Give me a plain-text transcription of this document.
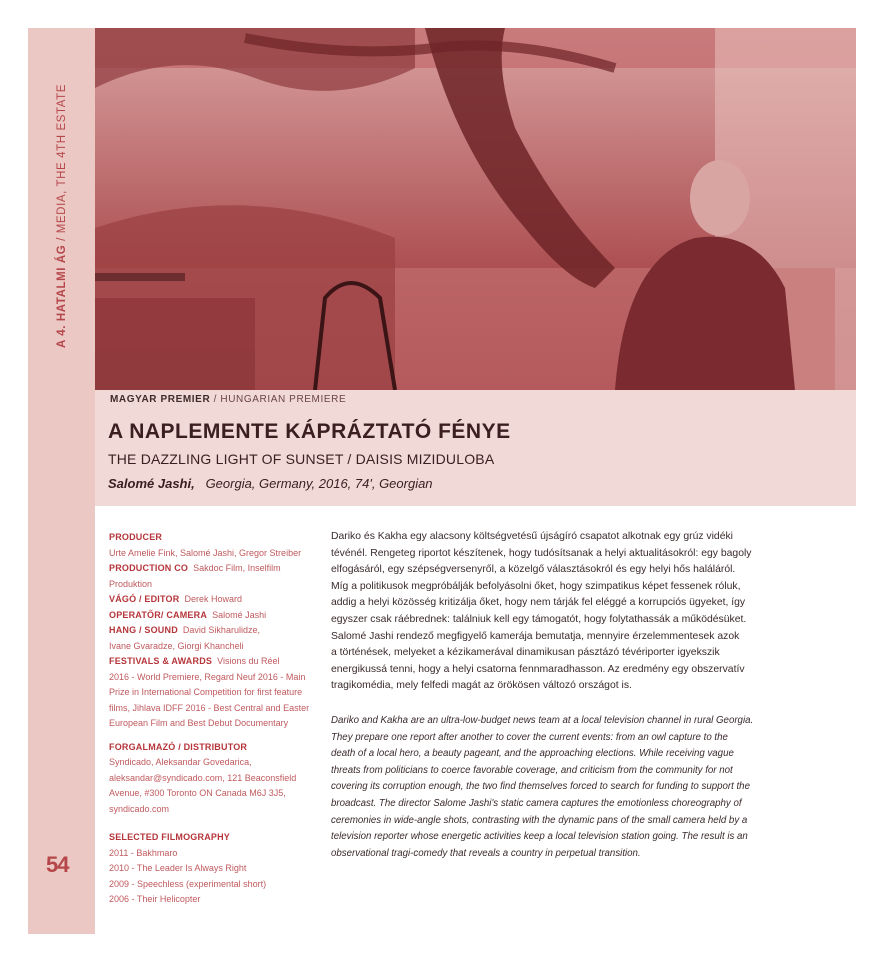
A 4. HATALMI ÁG / MEDIA, THE 4TH ESTATE
54
MAGYAR PREMIER / HUNGARIAN PREMIERE
A NAPLEMENTE KÁPRÁZTATÓ FÉNYE
THE DAZZLING LIGHT OF SUNSET / DAISIS MIZIDULOBA
Salomé Jashi, Georgia, Germany, 2016, 74', Georgian
PRODUCER
Urte Amelie Fink, Salomé Jashi, Gregor Streiber
PRODUCTION CO Sakdoc Film, Inselfilm Produktion
VÁGÓ / EDITOR Derek Howard
OPERATŐR/ CAMERA Salomé Jashi
HANG / SOUND David Sikharulidze,
Ivane Gvaradze, Giorgi Khancheli
FESTIVALS & AWARDS Visions du Réel
2016 - World Premiere, Regard Neuf 2016 - Main
Prize in International Competition for first feature
films, Jihlava IDFF 2016 - Best Central and Easter
European Film and Best Debut Documentary
FORGALMAZÓ / DISTRIBUTOR
Syndicado, Aleksandar Govedarica,
aleksandar@syndicado.com, 121 Beaconsfield
Avenue, #300 Toronto ON Canada M6J 3J5,
syndicado.com
SELECTED FILMOGRAPHY
2011 - Bakhmaro
2010 - The Leader Is Always Right
2009 - Speechless (experimental short)
2006 - Their Helicopter
Dariko és Kakha egy alacsony költségvetésű újságíró csapatot alkotnak egy grúz vidéki
tévénél. Rengeteg riportot készítenek, hogy tudósítsanak a helyi aktualitásokról: egy bagoly
elfogásáról, egy szépségversenyről, a közelgő választásokról és egy helyi hős haláláról.
Míg a politikusok megpróbálják befolyásolni őket, hogy szimpatikus képet fessenek róluk,
addig a helyi közösség kritizálja őket, hogy nem tárják fel eléggé a korrupciós ügyeket, így
egyszer csak ráébrednek: találniuk kell egy támogatót, hogy folytathassák a működésüket.
Salomé Jashi rendező megfigyelő kamerája bemutatja, mennyire érzelemmentesek azok
a történések, melyeket a kézikamerával dinamikusan pásztázó tévériporter igyekszik
energikussá tenni, hogy a helyi csatorna fennmaradhasson. Az eredmény egy obszervatív
tragikomédia, mely felfedi magát az örökösen változó országot is.
Dariko and Kakha are an ultra-low-budget news team at a local television channel in rural Georgia.
They prepare one report after another to cover the current events: from an owl capture to the
death of a local hero, a beauty pageant, and the approaching elections. While receiving vague
threats from politicians to coerce favorable coverage, and criticism from the community for not
covering its corruption enough, the two find themselves forced to search for funding to support the
broadcast. The director Salome Jashi's static camera captures the emotionless choreography of
ceremonies in wide-angle shots, contrasting with the dynamic pans of the small camera held by a
television reporter whose energetic activities keep a local television station going. The result is an
observational tragi-comedy that reveals a country in perpetual transition.
